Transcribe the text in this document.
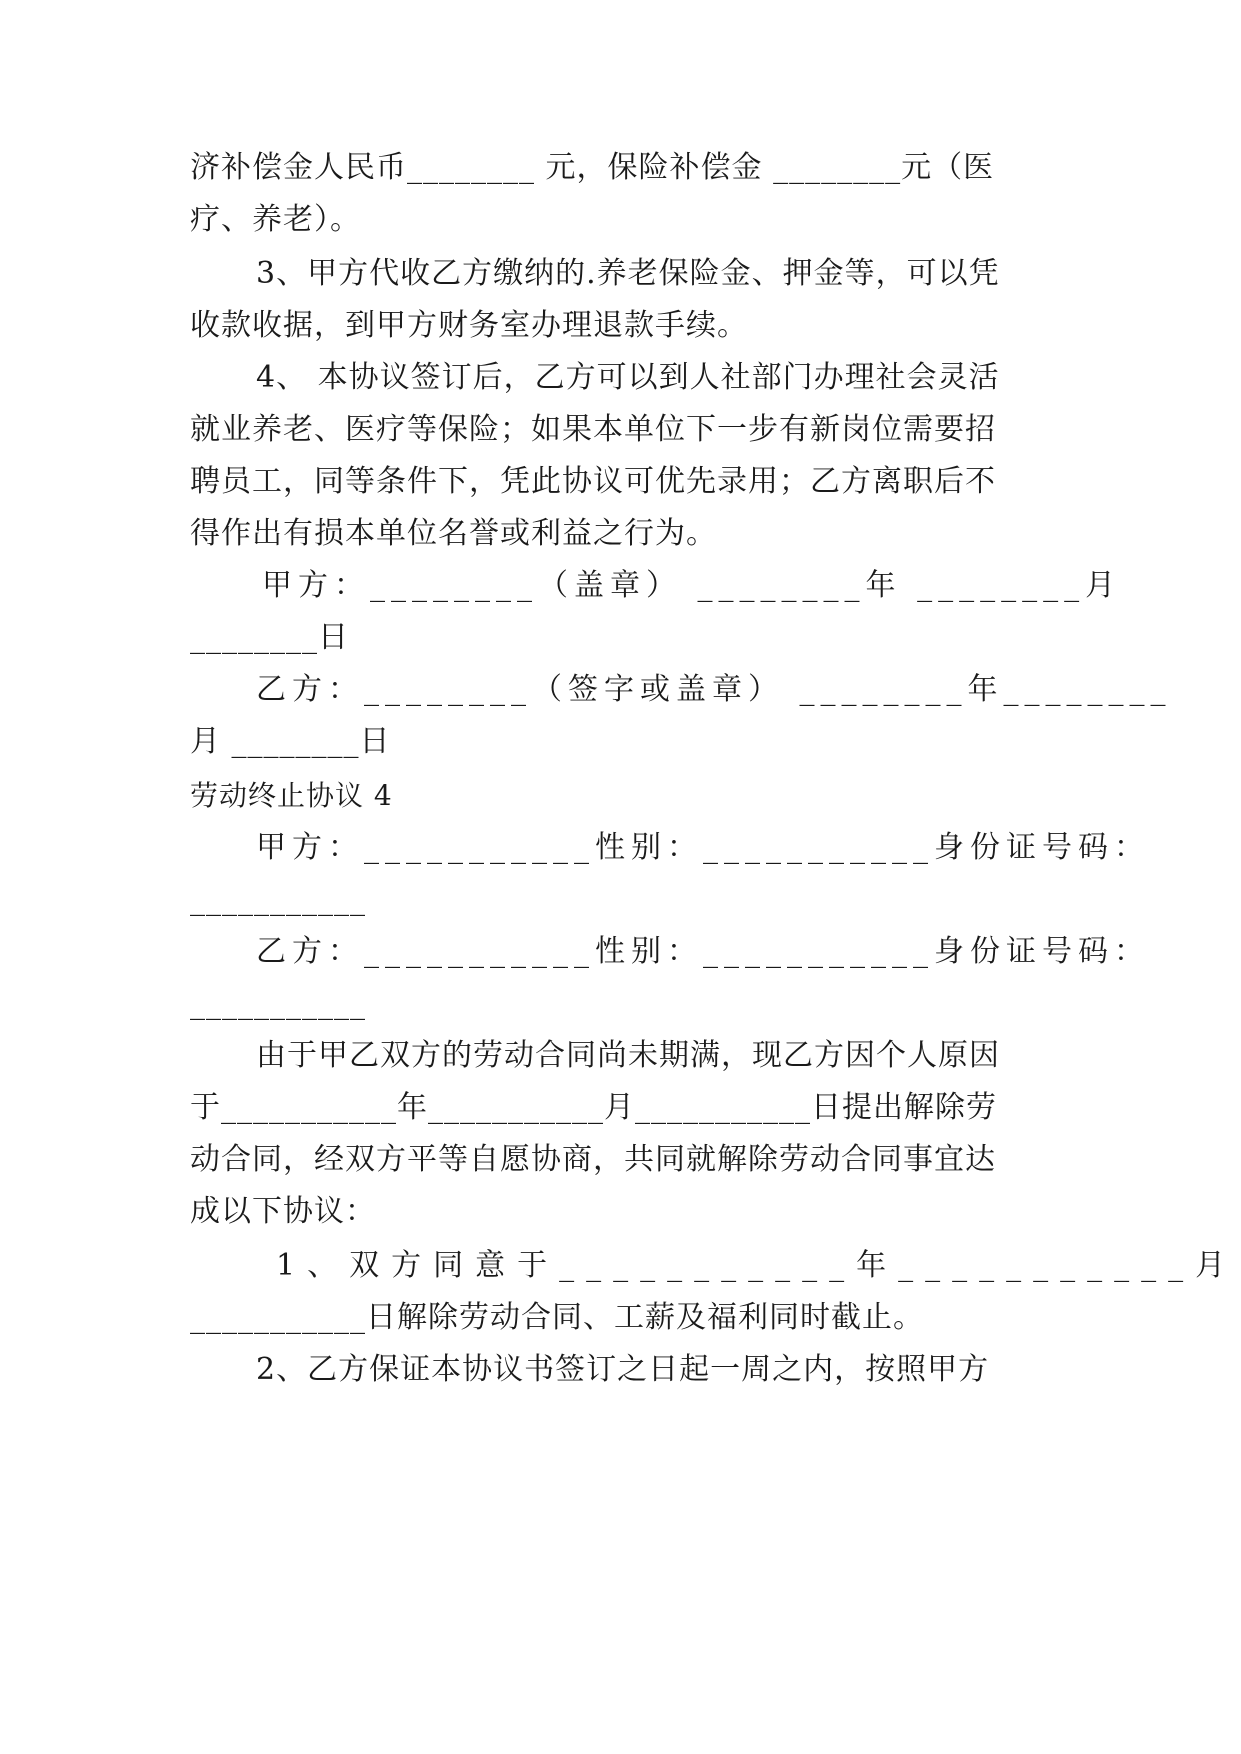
济补偿金人民币________ 元，保险补偿金 ________元（医
疗、养老）。
3、甲方代收乙方缴纳的.养老保险金、押金等，可以凭
收款收据，到甲方财务室办理退款手续。
4、 本协议签订后，乙方可以到人社部门办理社会灵活
就业养老、医疗等保险；如果本单位下一步有新岗位需要招
聘员工，同等条件下，凭此协议可优先录用；乙方离职后不
得作出有损本单位名誉或利益之行为。
甲方：________（盖章） ________年 ________月
________日
乙方：________（签字或盖章） ________年________
月 ________日
劳动终止协议 4
甲方：___________性别：___________身份证号码：
___________
乙方：___________性别：___________身份证号码：
___________
由于甲乙双方的劳动合同尚未期满，现乙方因个人原因
于___________年___________月___________日提出解除劳
动合同，经双方平等自愿协商，共同就解除劳动合同事宜达
成以下协议：
1、双方同意于___________年___________月
___________日解除劳动合同、工薪及福利同时截止。
2、乙方保证本协议书签订之日起一周之内，按照甲方
